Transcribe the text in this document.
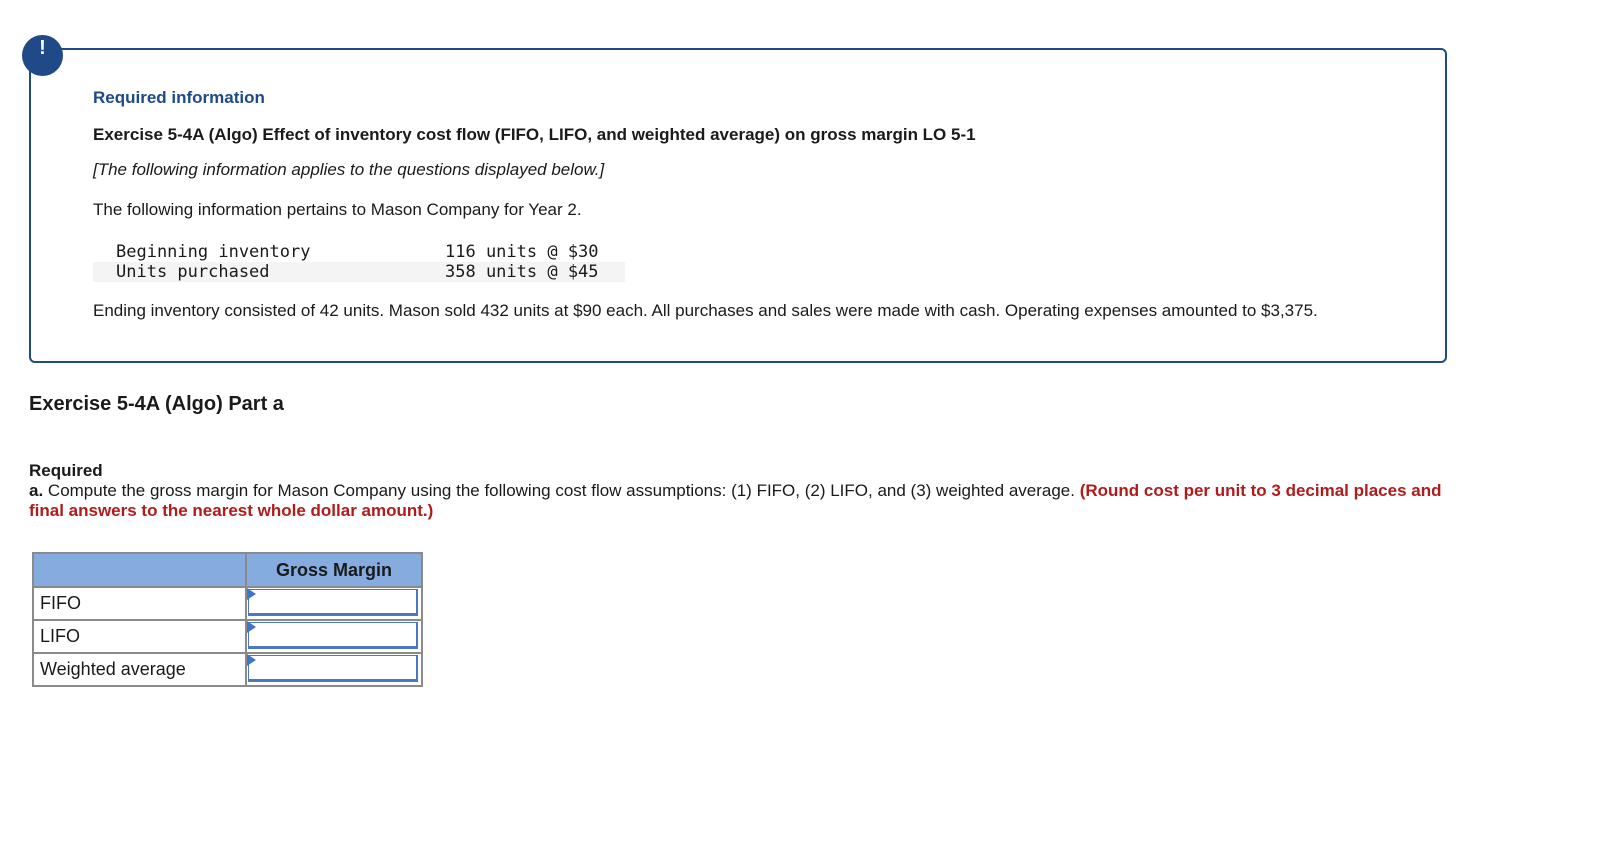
!
Required information
Exercise 5-4A (Algo) Effect of inventory cost flow (FIFO, LIFO, and weighted average) on gross margin LO 5-1
[The following information applies to the questions displayed below.]
The following information pertains to Mason Company for Year 2.
Beginning inventory	116 units @ $30
Units purchased	358 units @ $45
Ending inventory consisted of 42 units. Mason sold 432 units at $90 each. All purchases and sales were made with cash. Operating expenses amounted to $3,375.
Exercise 5-4A (Algo) Part a
Required
a. Compute the gross margin for Mason Company using the following cost flow assumptions: (1) FIFO, (2) LIFO, and (3) weighted average. (Round cost per unit to 3 decimal places and final answers to the nearest whole dollar amount.)
	Gross Margin
FIFO	

LIFO	

Weighted average	
